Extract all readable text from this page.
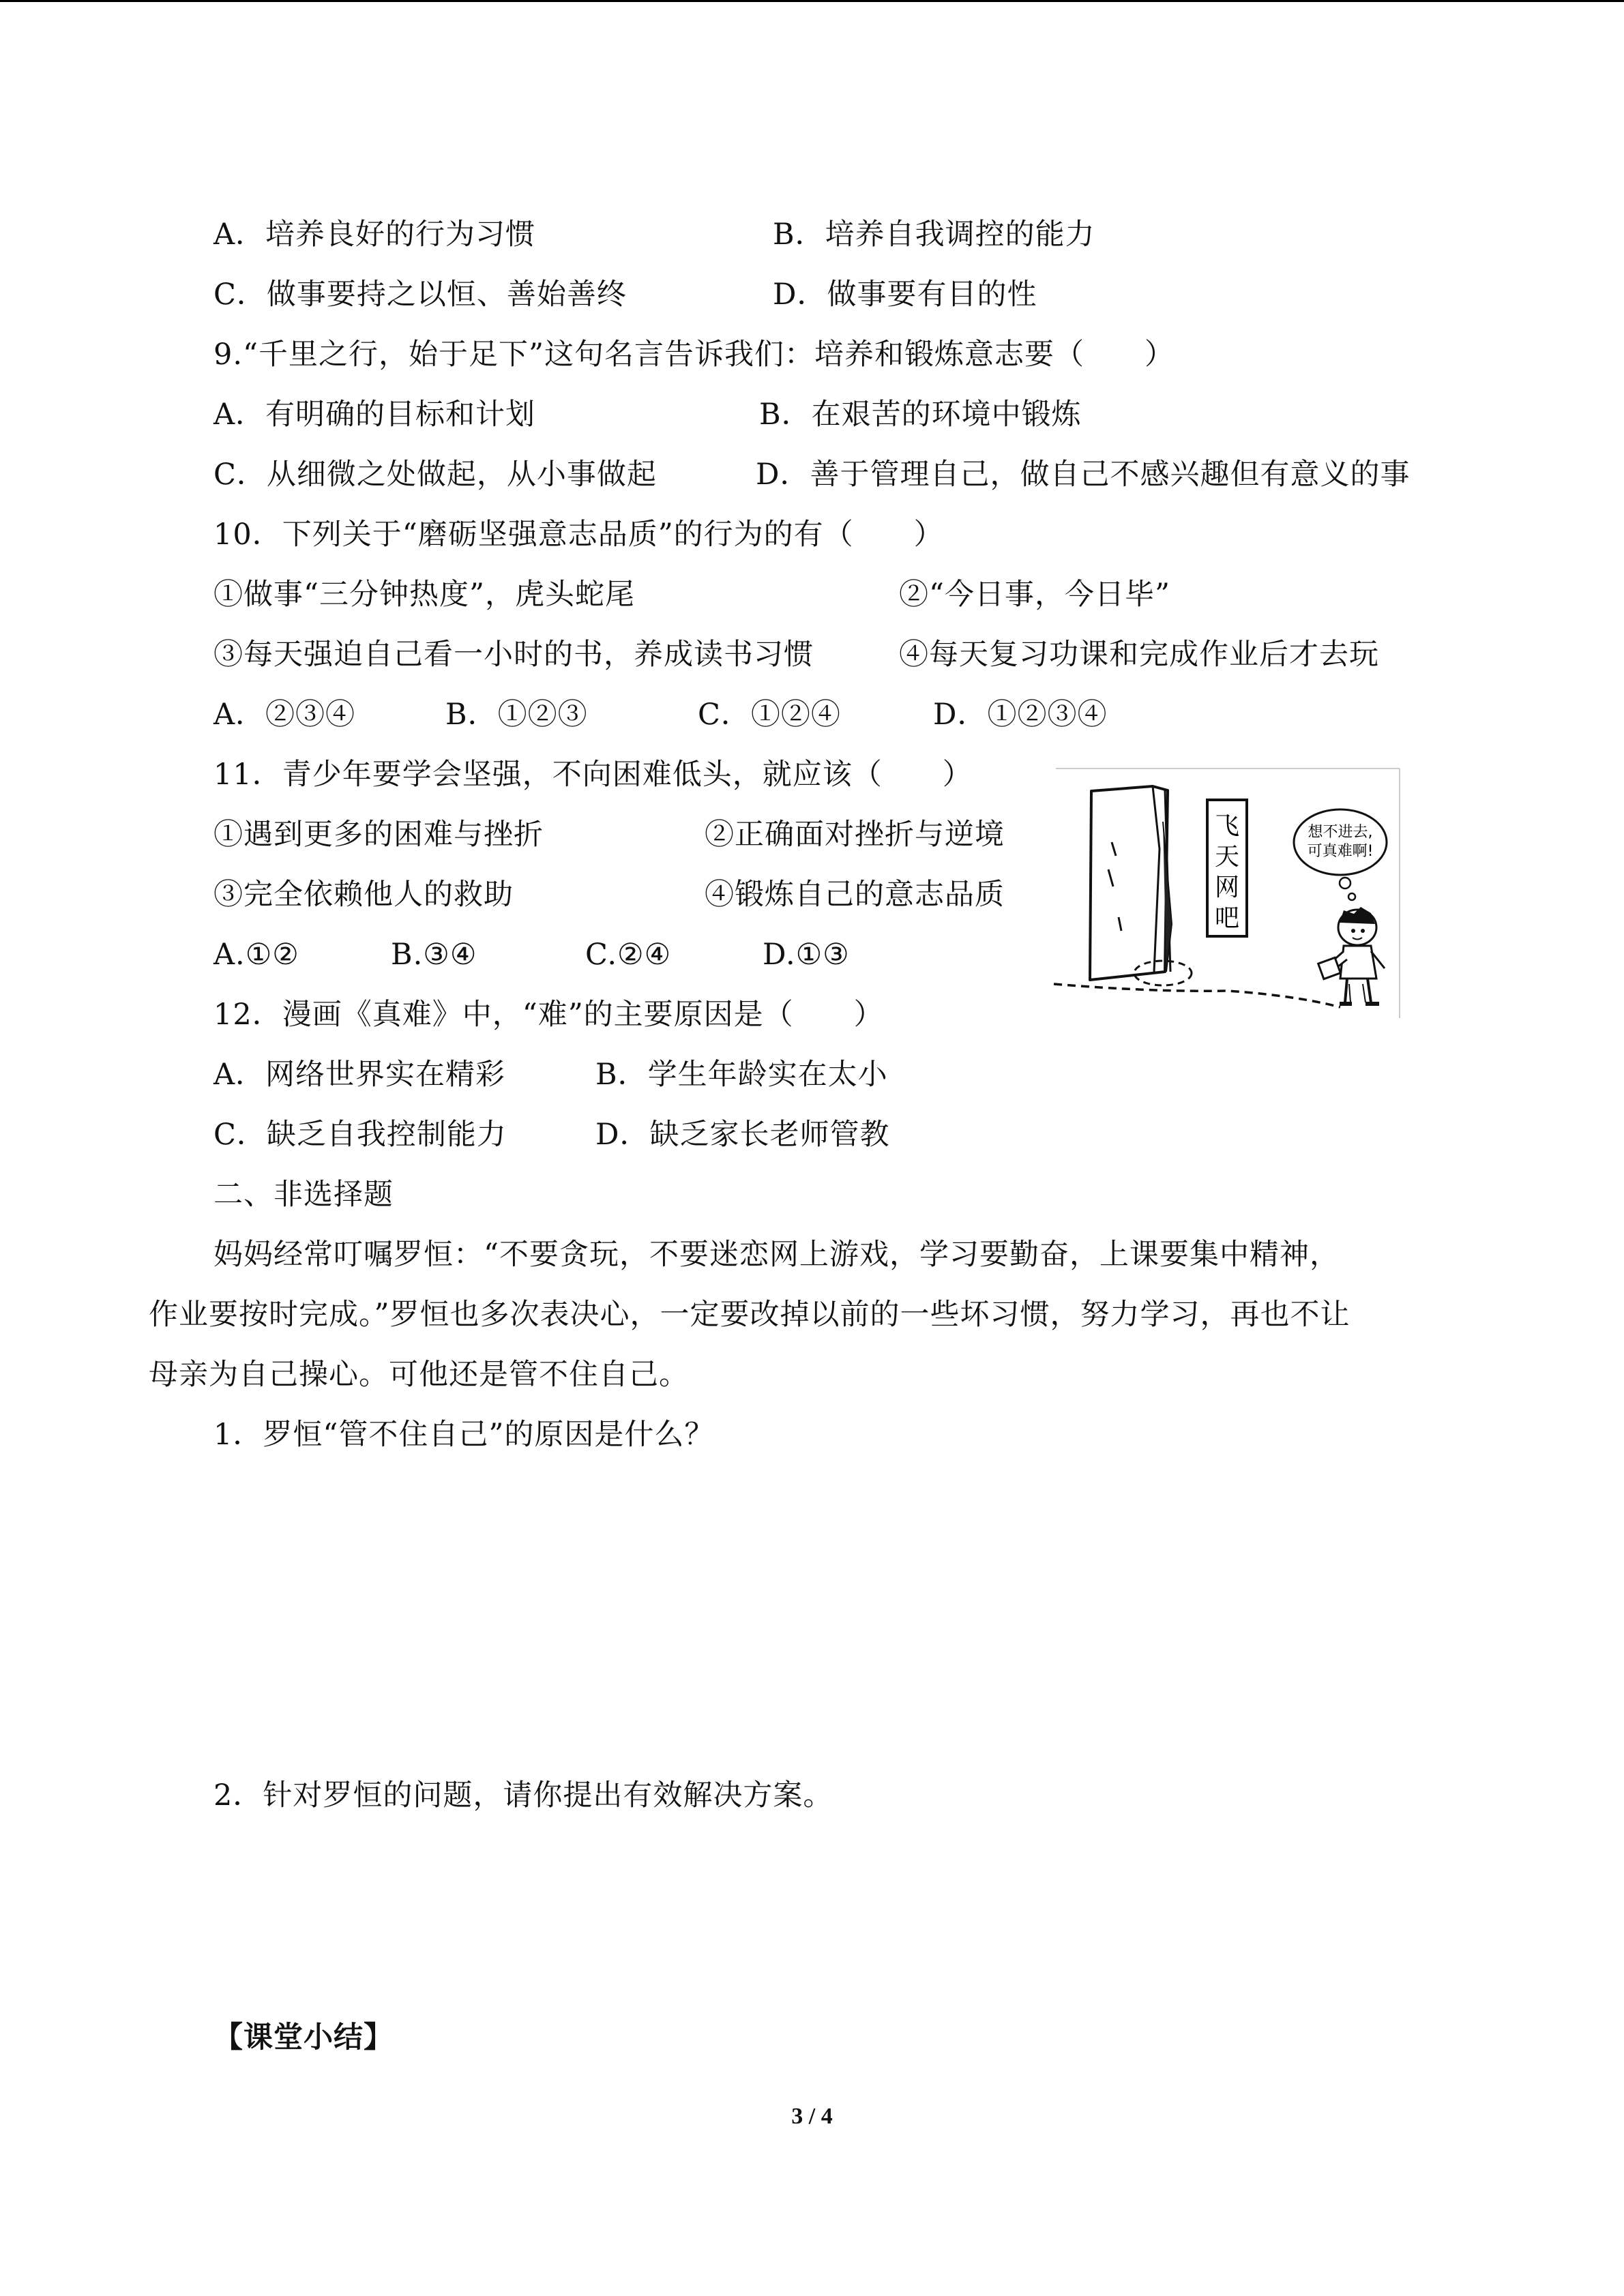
A．培养良好的行为习惯	B．培养自我调控的能力
C．做事要持之以恒、善始善终	D．做事要有目的性
9.“千里之行，始于足下”这句名言告诉我们：培养和锻炼意志要（　　）
A．有明确的目标和计划	B．在艰苦的环境中锻炼
C．从细微之处做起，从小事做起	D．善于管理自己，做自己不感兴趣但有意义的事
10．下列关于“磨砺坚强意志品质”的行为的有（　　）
①做事“三分钟热度”，虎头蛇尾	②“今日事，今日毕”
③每天强迫自己看一小时的书，养成读书习惯	④每天复习功课和完成作业后才去玩
A．②③④	B．①②③	C．①②④	D．①②③④
11．青少年要学会坚强，不向困难低头，就应该（　　）
①遇到更多的困难与挫折	②正确面对挫折与逆境
③完全依赖他人的救助	④锻炼自己的意志品质
A.①②	B.③④	C.②④	D.①③
飞
天
网
吧
想不进去,
可真难啊!
12．漫画《真难》中，“难”的主要原因是（　　）
A．网络世界实在精彩	B．学生年龄实在太小
C．缺乏自我控制能力	D．缺乏家长老师管教
二、非选择题
妈妈经常叮嘱罗恒：“不要贪玩，不要迷恋网上游戏，学习要勤奋，上课要集中精神，
作业要按时完成。”罗恒也多次表决心，一定要改掉以前的一些坏习惯，努力学习，再也不让
母亲为自己操心。可他还是管不住自己。
1．罗恒“管不住自己”的原因是什么？
2．针对罗恒的问题，请你提出有效解决方案。
【课堂小结】
3 / 4
